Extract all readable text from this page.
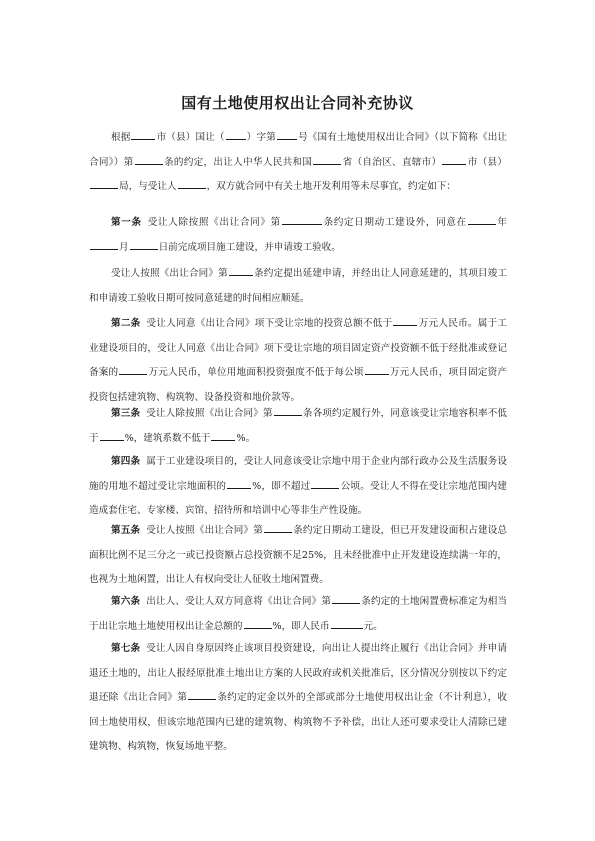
国有土地使用权出让合同补充协议
根据	市（县）国让（ ）字第 号《国有土地使用权出让合同》（以下简称《出让合同》）第	条的约定，出让人中华人民共和国	省（自治区、直辖市）	市（县）局，与受让人	，双方就合同中有关土地开发利用等未尽事宜，约定如下：
第一条 受让人除按照《出让合同》第	条约定日期动工建设外，同意在	年月	日前完成项目施工建设，并申请竣工验收。
受让人按照《出让合同》第	条约定提出延建申请，并经出让人同意延建的，其项目竣工和申请竣工验收日期可按同意延建的时间相应顺延。
第二条 受让人同意《出让合同》项下受让宗地的投资总额不低于	万元人民币。属于工业建设项目的，受让人同意《出让合同》项下受让宗地的项目固定资产投资额不低于经批准或登记备案的	万元人民币，单位用地面积投资强度不低于每公顷	万元人民币，项目固定资产投资包括建筑物、构筑物、设备投资和地价款等。
第三条 受让人除按照《出让合同》第	条各项约定履行外，同意该受让宗地容积率不低于	%，建筑系数不低于	%。
第四条 属于工业建设项目的，受让人同意该受让宗地中用于企业内部行政办公及生活服务设施的用地不超过受让宗地面积的	%，即不超过	公顷。受让人不得在受让宗地范围内建造成套住宅、专家楼、宾馆、招待所和培训中心等非生产性设施。
第五条 受让人按照《出让合同》第	条约定日期动工建设，但已开发建设面积占建设总面积比例不足三分之一或已投资额占总投资额不足25%，且未经批准中止开发建设连续满一年的，也视为土地闲置，出让人有权向受让人征收土地闲置费。
第六条 出让人、受让人双方同意将《出让合同》第	条约定的土地闲置费标准定为相当于出让宗地土地使用权出让金总额的	%，即人民币	元。
第七条 受让人因自身原因终止该项目投资建设，向出让人提出终止履行《出让合同》并申请退还土地的，出让人报经原批准土地出让方案的人民政府或机关批准后，区分情况分别按以下约定退还除《出让合同》第	条约定的定金以外的全部或部分土地使用权出让金（不计利息），收回土地使用权，但该宗地范围内已建的建筑物、构筑物不予补偿，出让人还可要求受让人清除已建建筑物、构筑物，恢复场地平整。
